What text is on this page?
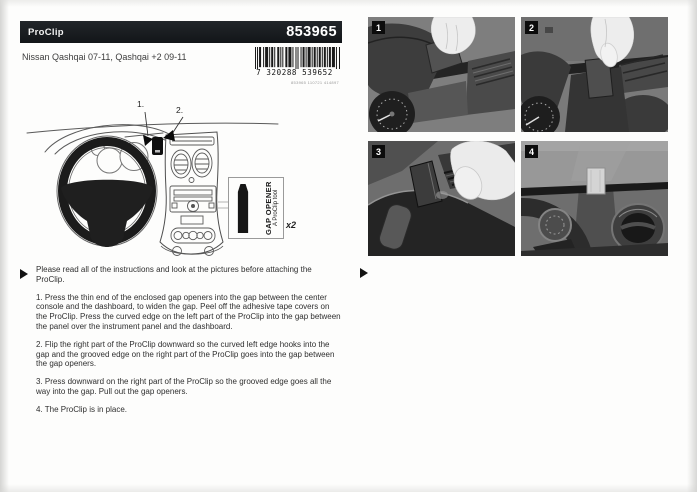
ProClip	853965
Nissan Qashqai 07-11, Qashqai +2 09-11
7 320288 539652
853965 110721 414897
1.
2.
GAP OPENER A ProClip tool x2

Please read all of the instructions and look at the pictures before attaching the ProClip.

1. Press the thin end of the enclosed gap openers into the gap between the center console and the dashboard, to widen the gap. Peel off the adhesive tape covers on the ProClip. Press the curved edge on the left part of the ProClip into the gap between the panel over the instrument panel and the dashboard.

2. Flip the right part of the ProClip downward so the curved left edge hooks into the gap and the grooved edge on the right part of the ProClip goes into the gap between the gap openers.

3. Press downward on the right part of the ProClip so the grooved edge goes all the way into the gap. Pull out the gap openers.

4. The ProClip is in place.

1	2
3	4
